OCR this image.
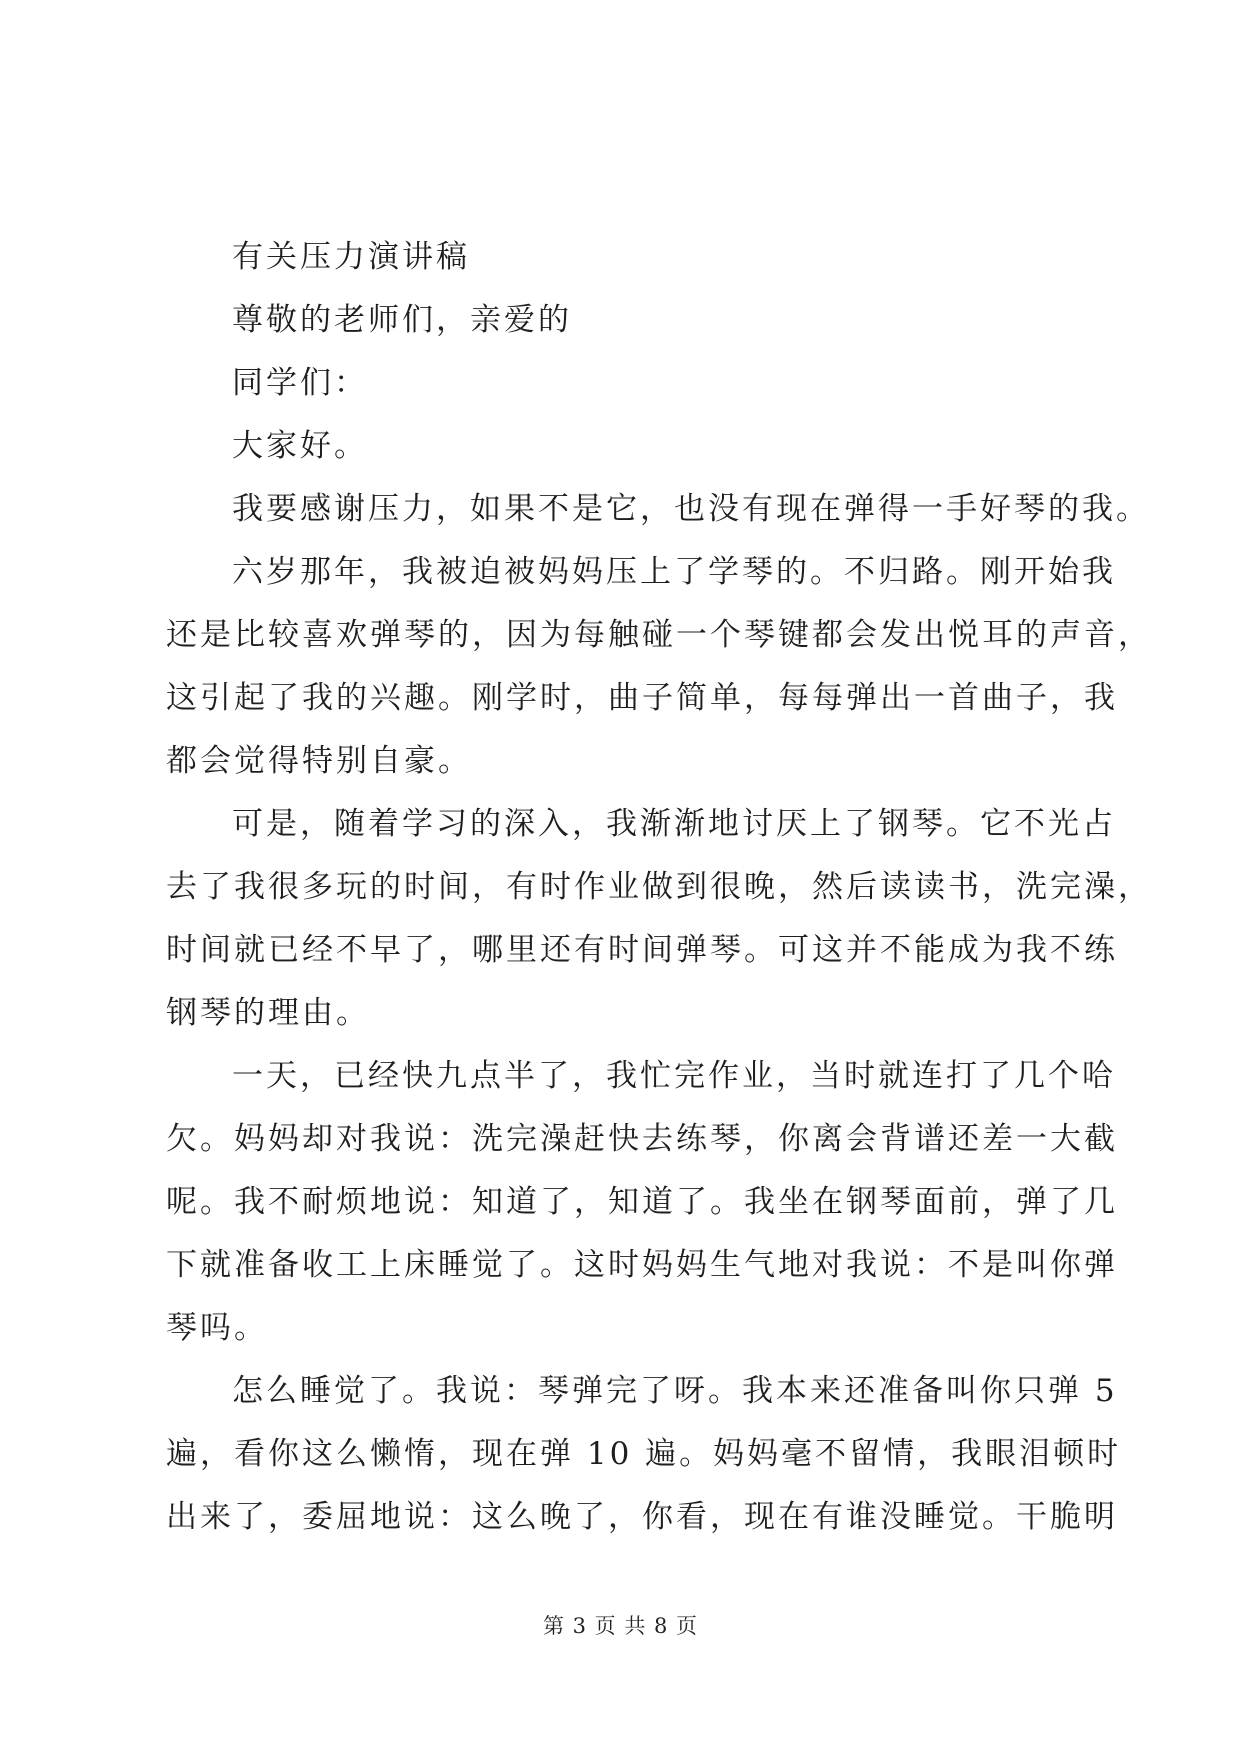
有关压力演讲稿
尊敬的老师们，亲爱的
同学们：
大家好。
我要感谢压力，如果不是它，也没有现在弹得一手好琴的我。
六岁那年，我被迫被妈妈压上了学琴的。不归路。刚开始我
还是比较喜欢弹琴的，因为每触碰一个琴键都会发出悦耳的声音，
这引起了我的兴趣。刚学时，曲子简单，每每弹出一首曲子，我
都会觉得特别自豪。
可是，随着学习的深入，我渐渐地讨厌上了钢琴。它不光占
去了我很多玩的时间，有时作业做到很晚，然后读读书，洗完澡，
时间就已经不早了，哪里还有时间弹琴。可这并不能成为我不练
钢琴的理由。
一天，已经快九点半了，我忙完作业，当时就连打了几个哈
欠。妈妈却对我说：洗完澡赶快去练琴，你离会背谱还差一大截
呢。我不耐烦地说：知道了，知道了。我坐在钢琴面前，弹了几
下就准备收工上床睡觉了。这时妈妈生气地对我说：不是叫你弹
琴吗。
怎么睡觉了。我说：琴弹完了呀。我本来还准备叫你只弹 5
遍，看你这么懒惰，现在弹 10 遍。妈妈毫不留情，我眼泪顿时
出来了，委屈地说：这么晚了，你看，现在有谁没睡觉。干脆明
第 3 页 共 8 页
